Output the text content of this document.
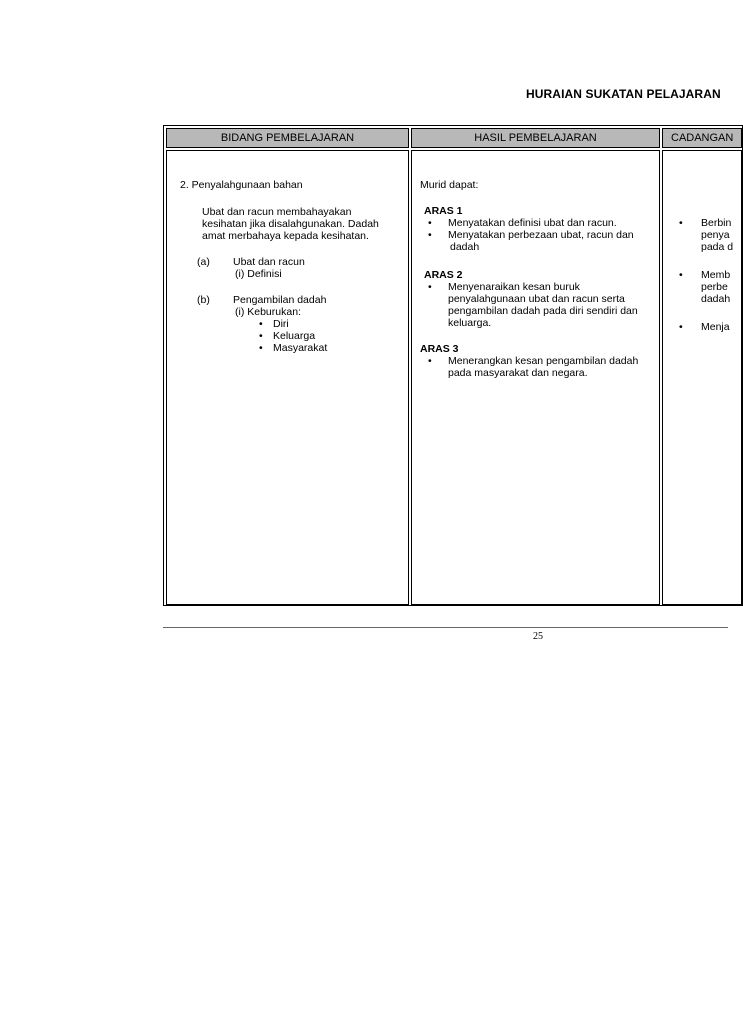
HURAIAN SUKATAN PELAJARAN
BIDANG PEMBELAJARAN	HASIL PEMBELAJARAN	CADANGAN
2. Penyalahgunaan bahan
Ubat dan racun membahayakan
kesihatan jika disalahgunakan. Dadah
amat merbahaya kepada kesihatan.
(a) Ubat dan racun
(i) Definisi
(b) Pengambilan dadah
(i) Keburukan:
• Diri
• Keluarga
• Masyarakat
Murid dapat:
ARAS 1
• Menyatakan definisi ubat dan racun.
• Menyatakan perbezaan ubat, racun dan
dadah
ARAS 2
• Menyenaraikan kesan buruk
penyalahgunaan ubat dan racun serta
pengambilan dadah pada diri sendiri dan
keluarga.
ARAS 3
• Menerangkan kesan pengambilan dadah
pada masyarakat dan negara.
• Berbin
penya
pada d
• Memb
perbe
dadah
• Menja
25
